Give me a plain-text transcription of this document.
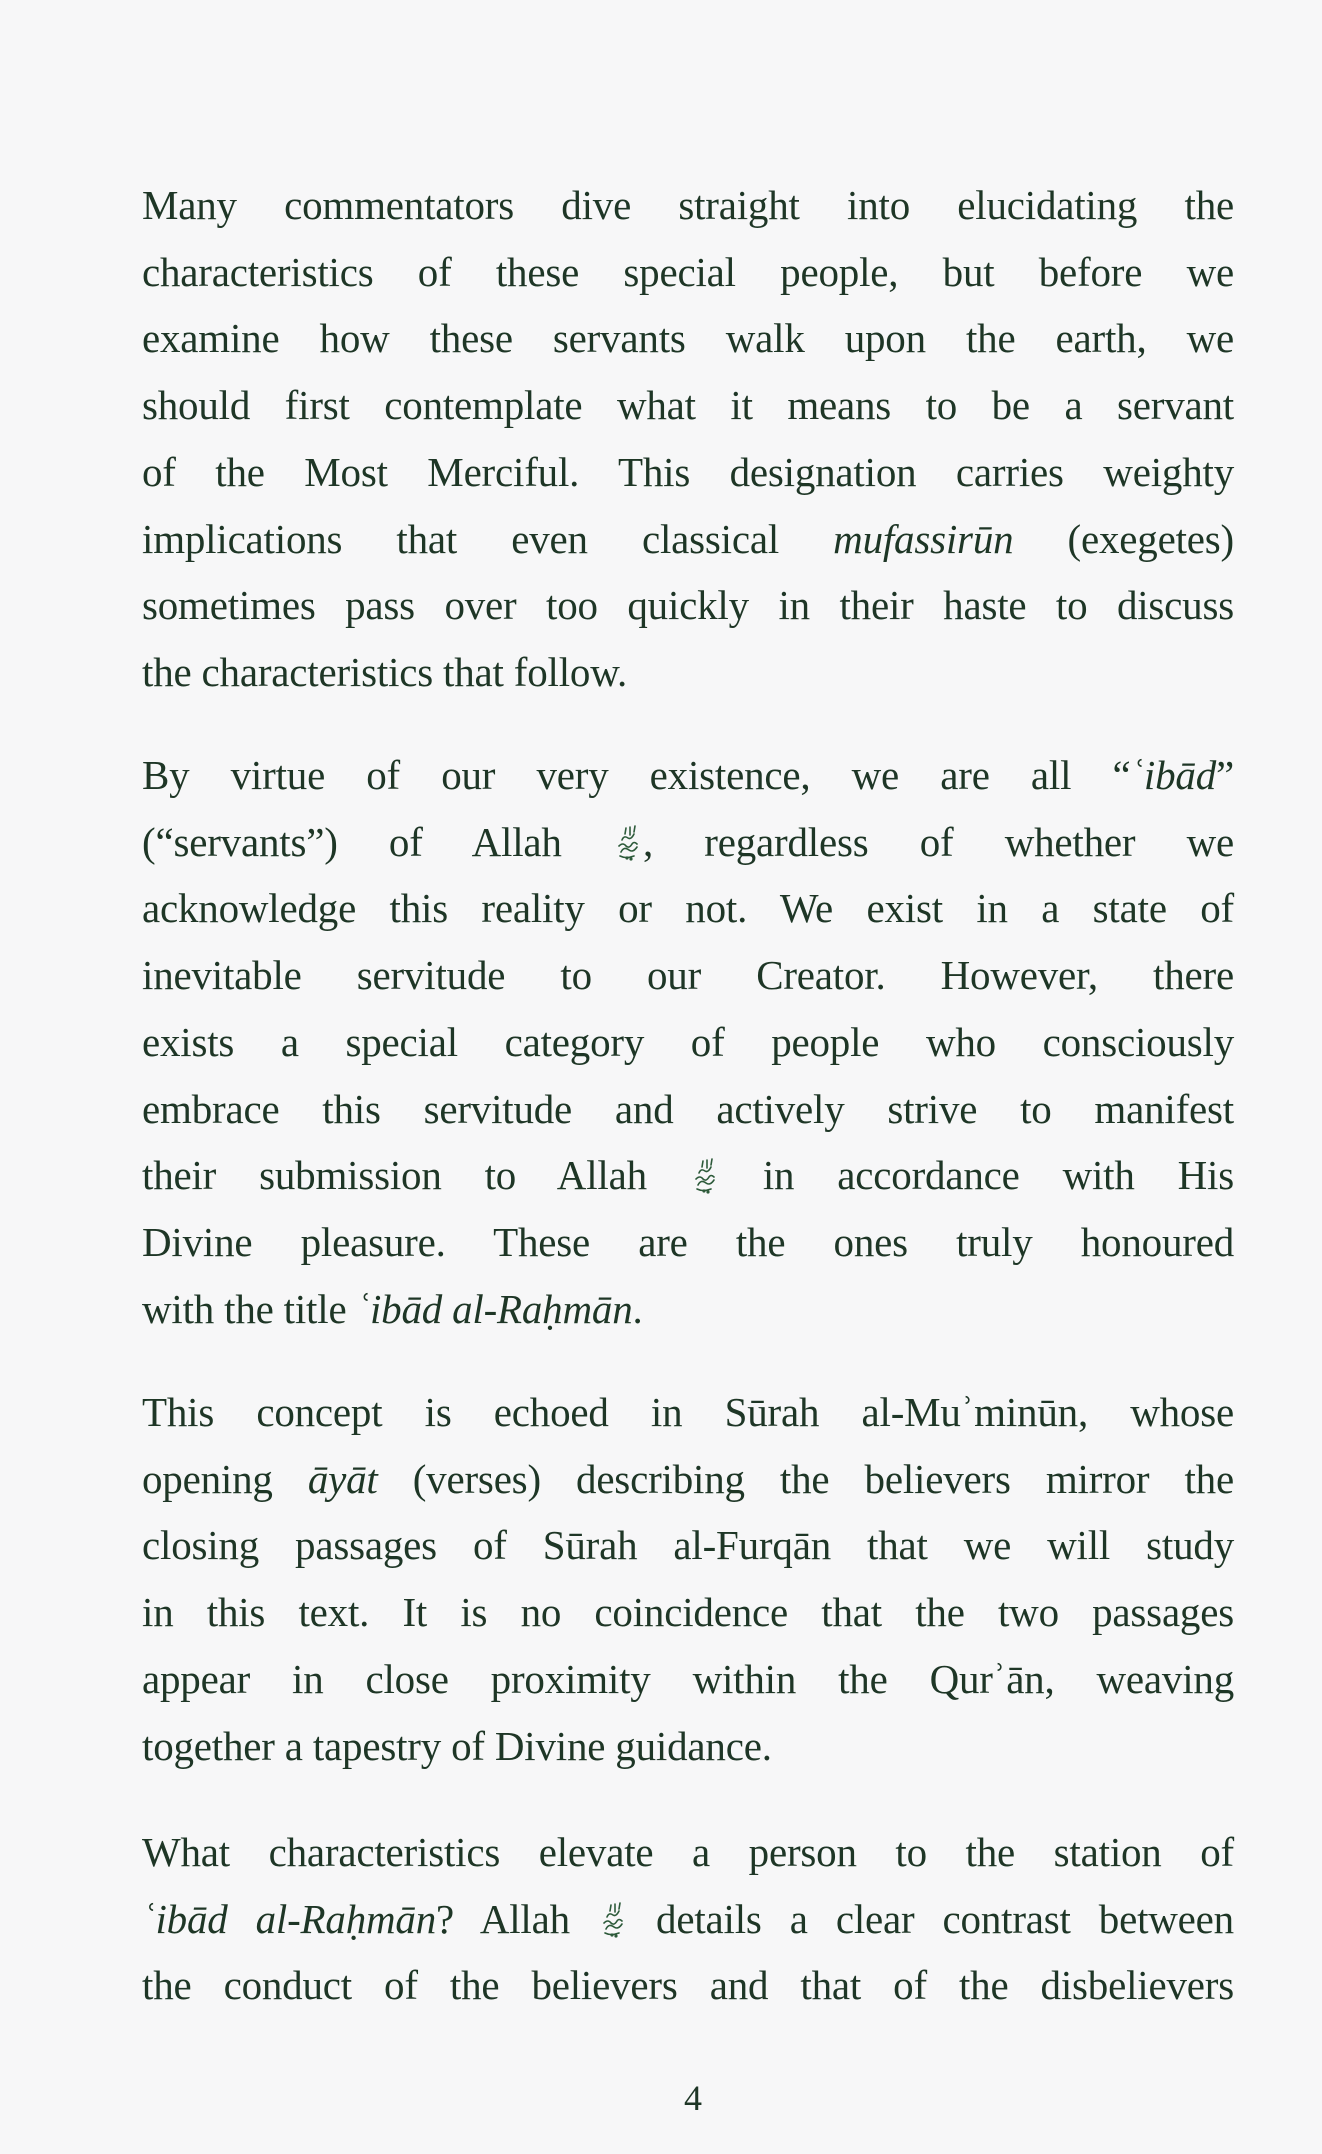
Many commentators dive straight into elucidating the
characteristics of these special people, but before we
examine how these servants walk upon the earth, we
should first contemplate what it means to be a servant
of the Most Merciful. This designation carries weighty
implications that even classical mufassirūn (exegetes)
sometimes pass over too quickly in their haste to discuss
the characteristics that follow.
By virtue of our very existence, we are all “ʿibād”
(“servants”) of Allah
, regardless of whether we
acknowledge this reality or not. We exist in a state of
inevitable servitude to our Creator. However, there
exists a special category of people who consciously
embrace this servitude and actively strive to manifest
their submission to Allah
in accordance with His
Divine pleasure. These are the ones truly honoured
with the title ʿibād al-Raḥmān.
This concept is echoed in Sūrah al-Muʾminūn, whose
opening āyāt (verses) describing the believers mirror the
closing passages of Sūrah al-Furqān that we will study
in this text. It is no coincidence that the two passages
appear in close proximity within the Qurʾān, weaving
together a tapestry of Divine guidance.
What characteristics elevate a person to the station of
ʿibād al-Raḥmān? Allah
details a clear contrast between
the conduct of the believers and that of the disbelievers
4
